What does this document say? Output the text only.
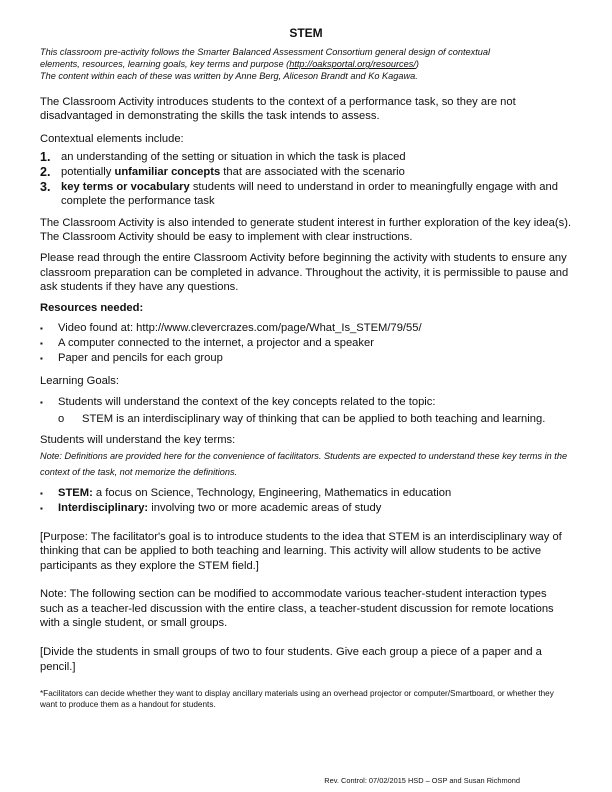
STEM
This classroom pre-activity follows the Smarter Balanced Assessment Consortium general design of contextual
elements, resources, learning goals, key terms and purpose (http://oaksportal.org/resources/)
The content within each of these was written by Anne Berg, Aliceson Brandt and Ko Kagawa.

The Classroom Activity introduces students to the context of a performance task, so they are not disadvantaged in demonstrating the skills the task intends to assess.

Contextual elements include:

1. an understanding of the setting or situation in which the task is placed
2. potentially unfamiliar concepts that are associated with the scenario
3. key terms or vocabulary students will need to understand in order to meaningfully engage with and complete the performance task

The Classroom Activity is also intended to generate student interest in further exploration of the key idea(s). The Classroom Activity should be easy to implement with clear instructions.

Please read through the entire Classroom Activity before beginning the activity with students to ensure any classroom preparation can be completed in advance. Throughout the activity, it is permissible to pause and ask students if they have any questions.

Resources needed:

▪	Video found at: http://www.clevercrazes.com/page/What_Is_STEM/79/55/
▪	A computer connected to the internet, a projector and a speaker
▪	Paper and pencils for each group

Learning Goals:

▪	Students will understand the context of the key concepts related to the topic:
o	STEM is an interdisciplinary way of thinking that can be applied to both teaching and learning.

Students will understand the key terms:

Note: Definitions are provided here for the convenience of facilitators. Students are expected to understand these key terms in the context of the task, not memorize the definitions.

▪	STEM: a focus on Science, Technology, Engineering, Mathematics in education
▪	Interdisciplinary: involving two or more academic areas of study

[Purpose: The facilitator's goal is to introduce students to the idea that STEM is an interdisciplinary way of thinking that can be applied to both teaching and learning. This activity will allow students to be active participants as they explore the STEM field.]

Note: The following section can be modified to accommodate various teacher-student interaction types such as a teacher-led discussion with the entire class, a teacher-student discussion for remote locations with a single student, or small groups.

[Divide the students in small groups of two to four students. Give each group a piece of a paper and a pencil.]

*Facilitators can decide whether they want to display ancillary materials using an overhead projector or computer/Smartboard, or whether they want to produce them as a handout for students.

Rev. Control: 07/02/2015 HSD – OSP and Susan Richmond
